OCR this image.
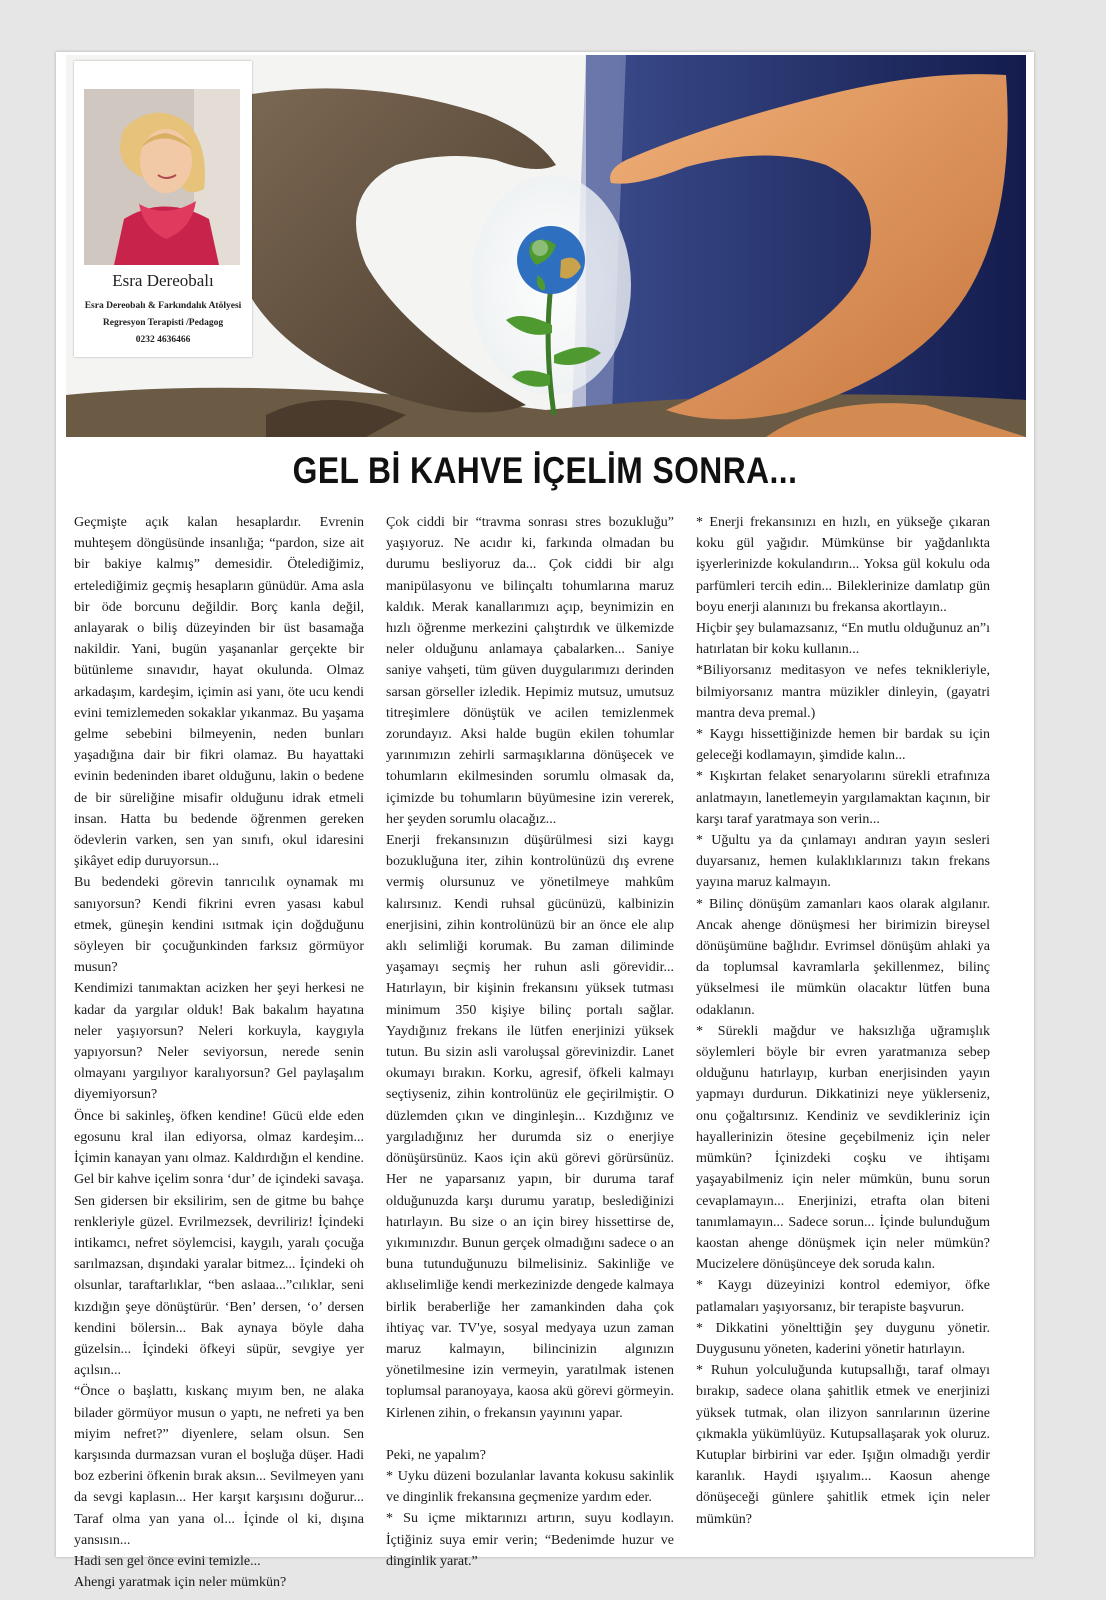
Esra Dereobalı
Esra Dereobalı & Farkındalık Atölyesi
Regresyon Terapisti /Pedagog
0232 4636466
GEL Bİ KAHVE İÇELİM SONRA...

Geçmişte açık kalan hesaplardır. Evrenin muhteşem döngüsünde insanlığa; “pardon, size ait bir bakiye kalmış” demesidir. Ötelediğimiz, ertelediğimiz geçmiş hesapların günüdür. Ama asla bir öde borcunu değildir. Borç kanla değil, anlayarak o biliş düzeyinden bir üst basamağa nakildir. Yani, bugün yaşananlar gerçekte bir bütünleme sınavıdır, hayat okulunda. Olmaz arkadaşım, kardeşim, içimin asi yanı, öte ucu kendi evini temizlemeden sokaklar yıkanmaz. Bu yaşama gelme sebebini bilmeyenin, neden bunları yaşadığına dair bir fikri olamaz. Bu hayattaki evinin bedeninden ibaret olduğunu, lakin o bedene de bir süreliğine misafir olduğunu idrak etmeli insan. Hatta bu bedende öğrenmen gereken ödevlerin varken, sen yan sınıfı, okul idaresini şikâyet edip duruyorsun...

Bu bedendeki görevin tanrıcılık oynamak mı sanıyorsun? Kendi fikrini evren yasası kabul etmek, güneşin kendini ısıtmak için doğduğunu söyleyen bir çocuğunkinden farksız görmüyor musun?

Kendimizi tanımaktan acizken her şeyi herkesi ne kadar da yargılar olduk! Bak bakalım hayatına neler yaşıyorsun? Neleri korkuyla, kaygıyla yapıyorsun? Neler seviyorsun, nerede senin olmayanı yargılıyor karalıyorsun? Gel paylaşalım diyemiyorsun?

Önce bi sakinleş, öfken kendine! Gücü elde eden egosunu kral ilan ediyorsa, olmaz kardeşim... İçimin kanayan yanı olmaz. Kaldırdığın el kendine. Gel bir kahve içelim sonra ‘dur’ de içindeki savaşa. Sen gidersen bir eksilirim, sen de gitme bu bahçe renkleriyle güzel. Evrilmezsek, devriliriz! İçindeki intikamcı, nefret söylemcisi, kaygılı, yaralı çocuğa sarılmazsan, dışındaki yaralar bitmez... İçindeki oh olsunlar, taraftarlıklar, “ben aslaaa...”cılıklar, seni kızdığın şeye dönüştürür. ‘Ben’ dersen, ‘o’ dersen kendini bölersin... Bak aynaya böyle daha güzelsin... İçindeki öfkeyi süpür, sevgiye yer açılsın...

“Önce o başlattı, kıskanç mıyım ben, ne alaka bilader görmüyor musun o yaptı, ne nefreti ya ben miyim nefret?” diyenlere, selam olsun. Sen karşısında durmazsan vuran el boşluğa düşer. Hadi boz ezberini öfkenin bırak aksın... Sevilmeyen yanı da sevgi kaplasın... Her karşıt karşısını doğurur... Taraf olma yan yana ol... İçinde ol ki, dışına yansısın...

Hadi sen gel önce evini temizle...

Ahengi yaratmak için neler mümkün?

Çok ciddi bir “travma sonrası stres bozukluğu” yaşıyoruz. Ne acıdır ki, farkında olmadan bu durumu besliyoruz da... Çok ciddi bir algı manipülasyonu ve bilinçaltı tohumlarına maruz kaldık. Merak kanallarımızı açıp, beynimizin en hızlı öğrenme merkezini çalıştırdık ve ülkemizde neler olduğunu anlamaya çabalarken... Saniye saniye vahşeti, tüm güven duygularımızı derinden sarsan görseller izledik. Hepimiz mutsuz, umutsuz titreşimlere dönüştük ve acilen temizlenmek zorundayız. Aksi halde bugün ekilen tohumlar yarınımızın zehirli sarmaşıklarına dönüşecek ve tohumların ekilmesinden sorumlu olmasak da, içimizde bu tohumların büyümesine izin vererek, her şeyden sorumlu olacağız...

Enerji frekansınızın düşürülmesi sizi kaygı bozukluğuna iter, zihin kontrolünüzü dış evrene vermiş olursunuz ve yönetilmeye mahkûm kalırsınız. Kendi ruhsal gücünüzü, kalbinizin enerjisini, zihin kontrolünüzü bir an önce ele alıp aklı selimliği korumak. Bu zaman diliminde yaşamayı seçmiş her ruhun asli görevidir... Hatırlayın, bir kişinin frekansını yüksek tutması minimum 350 kişiye bilinç portalı sağlar. Yaydığınız frekans ile lütfen enerjinizi yüksek tutun. Bu sizin asli varoluşsal görevinizdir. Lanet okumayı bırakın. Korku, agresif, öfkeli kalmayı seçtiyseniz, zihin kontrolünüz ele geçirilmiştir. O düzlemden çıkın ve dinginleşin... Kızdığınız ve yargıladığınız her durumda siz o enerjiye dönüşürsünüz. Kaos için akü görevi görürsünüz. Her ne yaparsanız yapın, bir duruma taraf olduğunuzda karşı durumu yaratıp, beslediğinizi hatırlayın. Bu size o an için birey hissettirse de, yıkımınızdır. Bunun gerçek olmadığını sadece o an buna tutunduğunuzu bilmelisiniz. Sakinliğe ve aklıselimliğe kendi merkezinizde dengede kalmaya birlik beraberliğe her zamankinden daha çok ihtiyaç var. TV'ye, sosyal medyaya uzun zaman maruz kalmayın, bilincinizin algınızın yönetilmesine izin vermeyin, yaratılmak istenen toplumsal paranoyaya, kaosa akü görevi görmeyin. Kirlenen zihin, o frekansın yayınını yapar.

Peki, ne yapalım?

* Uyku düzeni bozulanlar lavanta kokusu sakinlik ve dinginlik frekansına geçmenize yardım eder.

* Su içme miktarınızı artırın, suyu kodlayın. İçtiğiniz suya emir verin; “Bedenimde huzur ve dinginlik yarat.”

* Enerji frekansınızı en hızlı, en yükseğe çıkaran koku gül yağıdır. Mümkünse bir yağdanlıkta işyerlerinizde kokulandırın... Yoksa gül kokulu oda parfümleri tercih edin... Bileklerinize damlatıp gün boyu enerji alanınızı bu frekansa akortlayın..

Hiçbir şey bulamazsanız, “En mutlu olduğunuz an”ı hatırlatan bir koku kullanın...

*Biliyorsanız meditasyon ve nefes teknikleriyle, bilmiyorsanız mantra müzikler dinleyin, (gayatri mantra deva premal.)

* Kaygı hissettiğinizde hemen bir bardak su için geleceği kodlamayın, şimdide kalın...

* Kışkırtan felaket senaryolarını sürekli etrafınıza anlatmayın, lanetlemeyin yargılamaktan kaçının, bir karşı taraf yaratmaya son verin...

* Uğultu ya da çınlamayı andıran yayın sesleri duyarsanız, hemen kulaklıklarınızı takın frekans yayına maruz kalmayın.

* Bilinç dönüşüm zamanları kaos olarak algılanır. Ancak ahenge dönüşmesi her birimizin bireysel dönüşümüne bağlıdır. Evrimsel dönüşüm ahlaki ya da toplumsal kavramlarla şekillenmez, bilinç yükselmesi ile mümkün olacaktır lütfen buna odaklanın.

* Sürekli mağdur ve haksızlığa uğramışlık söylemleri böyle bir evren yaratmanıza sebep olduğunu hatırlayıp, kurban enerjisinden yayın yapmayı durdurun. Dikkatinizi neye yüklerseniz, onu çoğaltırsınız. Kendiniz ve sevdikleriniz için hayallerinizin ötesine geçebilmeniz için neler mümkün? İçinizdeki coşku ve ihtişamı yaşayabilmeniz için neler mümkün, bunu sorun cevaplamayın... Enerjinizi, etrafta olan biteni tanımlamayın... Sadece sorun... İçinde bulunduğum kaostan ahenge dönüşmek için neler mümkün? Mucizelere dönüşünceye dek soruda kalın.

* Kaygı düzeyinizi kontrol edemiyor, öfke patlamaları yaşıyorsanız, bir terapiste başvurun.

* Dikkatini yönelttiğin şey duygunu yönetir. Duygusunu yöneten, kaderini yönetir hatırlayın.

* Ruhun yolculuğunda kutupsallığı, taraf olmayı bırakıp, sadece olana şahitlik etmek ve enerjinizi yüksek tutmak, olan ilizyon sanrılarının üzerine çıkmakla yükümlüyüz. Kutupsallaşarak yok oluruz. Kutuplar birbirini var eder. Işığın olmadığı yerdir karanlık. Haydi ışıyalım... Kaosun ahenge dönüşeceği günlere şahitlik etmek için neler mümkün?
